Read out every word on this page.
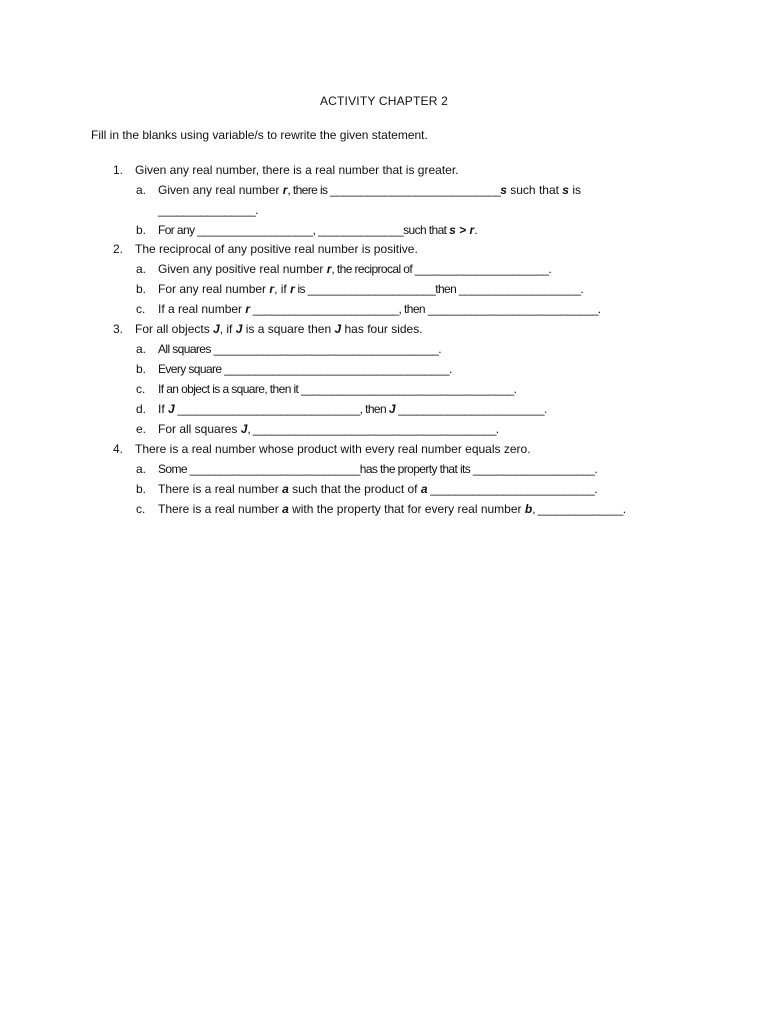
ACTIVITY CHAPTER 2
Fill in the blanks using variable/s to rewrite the given statement.
1. Given any real number, there is a real number that is greater.
a. Given any real number r, there is ____________________________s such that s is
________________.
b. For any ___________________, ______________such that s > r.
2. The reciprocal of any positive real number is positive.
a. Given any positive real number r, the reciprocal of ______________________.
b. For any real number r, if r is _____________________then ____________________.
c. If a real number r ________________________, then ____________________________.
3. For all objects J, if J is a square then J has four sides.
a. All squares _____________________________________.
b. Every square _____________________________________.
c. If an object is a square, then it ___________________________________.
d. If J ______________________________, then J ________________________.
e. For all squares J, ________________________________________.
4. There is a real number whose product with every real number equals zero.
a. Some ____________________________has the property that its ____________________.
b. There is a real number a such that the product of a ___________________________.
c. There is a real number a with the property that for every real number b, ______________.
